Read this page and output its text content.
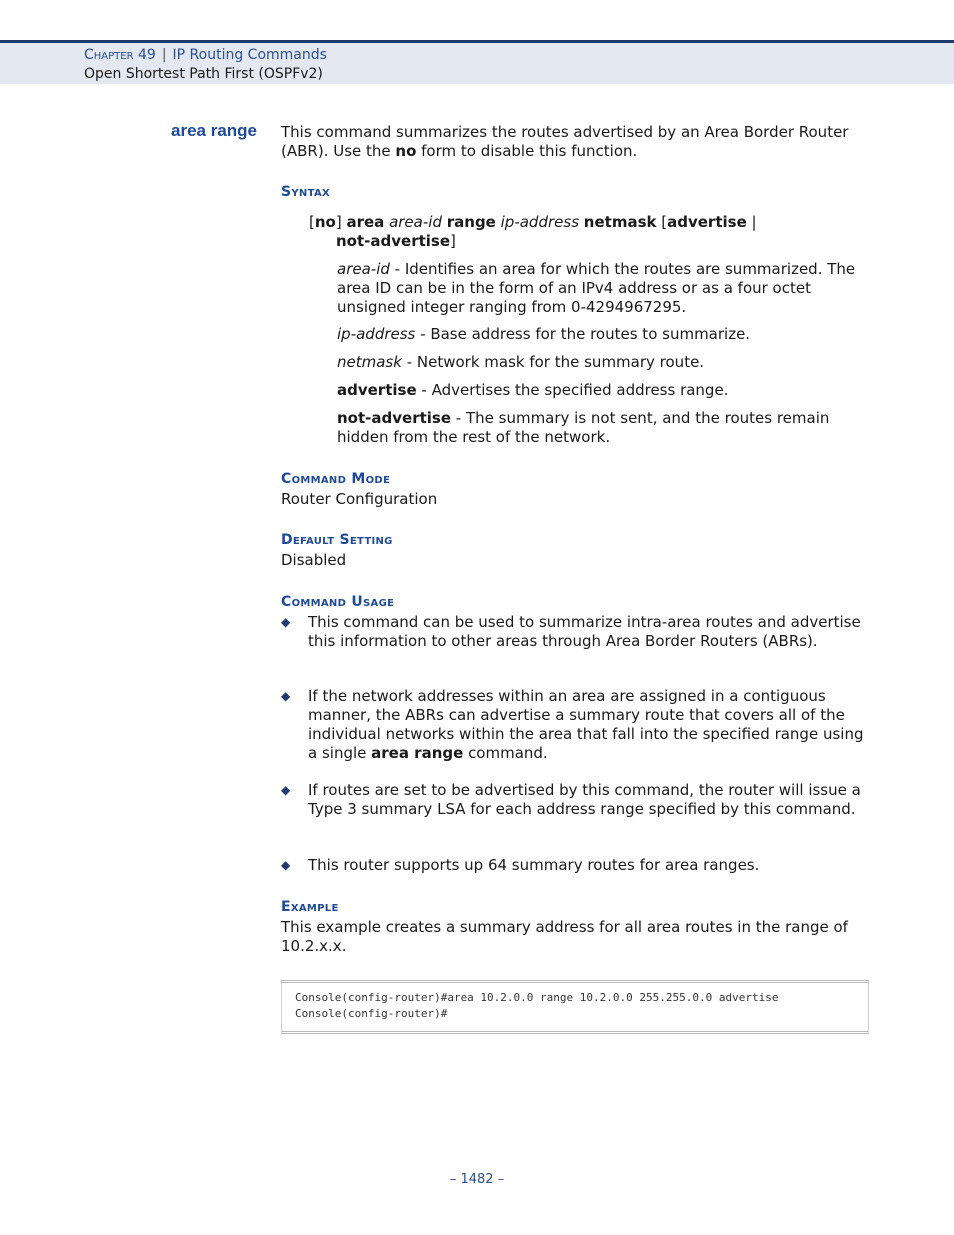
Chapter 49 | IP Routing Commands
Open Shortest Path First (OSPFv2)
area range This command summarizes the routes advertised by an Area Border Router (ABR). Use the no form to disable this function.
Syntax
[no] area area-id range ip-address netmask [advertise |
not-advertise]
area-id - Identifies an area for which the routes are summarized. The area ID can be in the form of an IPv4 address or as a four octet unsigned integer ranging from 0-4294967295.
ip-address - Base address for the routes to summarize.
netmask - Network mask for the summary route.
advertise - Advertises the specified address range.
not-advertise - The summary is not sent, and the routes remain hidden from the rest of the network.
Command Mode
Router Configuration
Default Setting
Disabled
Command Usage
◆ This command can be used to summarize intra-area routes and advertise this information to other areas through Area Border Routers (ABRs).
◆ If the network addresses within an area are assigned in a contiguous manner, the ABRs can advertise a summary route that covers all of the individual networks within the area that fall into the specified range using a single area range command.
◆ If routes are set to be advertised by this command, the router will issue a Type 3 summary LSA for each address range specified by this command.
◆ This router supports up 64 summary routes for area ranges.
Example
This example creates a summary address for all area routes in the range of 10.2.x.x.
Console(config-router)#area 10.2.0.0 range 10.2.0.0 255.255.0.0 advertise
Console(config-router)#
– 1482 –
